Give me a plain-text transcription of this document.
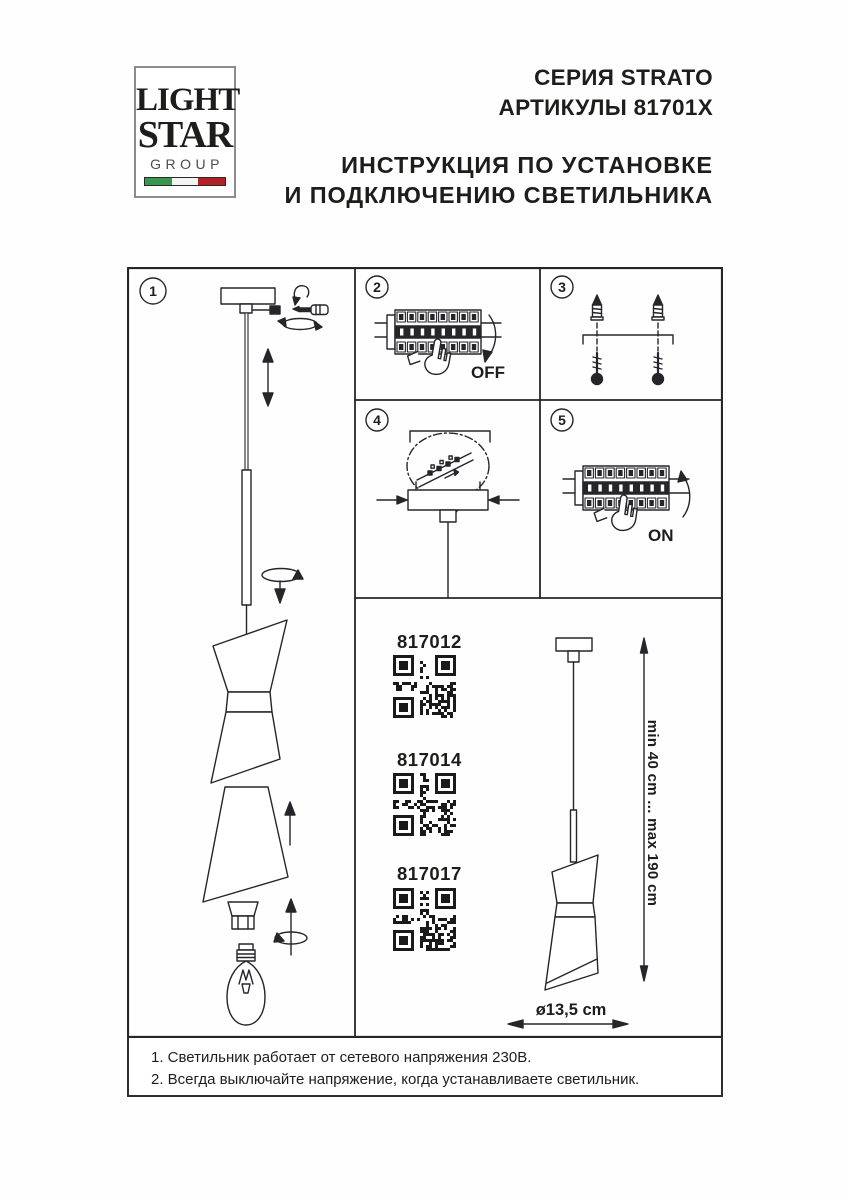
LIGHT
STAR
GROUP
СЕРИЯ STRATO
АРТИКУЛЫ 81701X
ИНСТРУКЦИЯ ПО УСТАНОВКЕ
И ПОДКЛЮЧЕНИЮ СВЕТИЛЬНИКА
1	2
OFF
3
4	5
ON
817012
817014
817017	min 40 cm ... max 190 cm
ø13,5 cm
1. Светильник работает от сетевого напряжения 230В.
2. Всегда выключайте напряжение, когда устанавливаете светильник.
